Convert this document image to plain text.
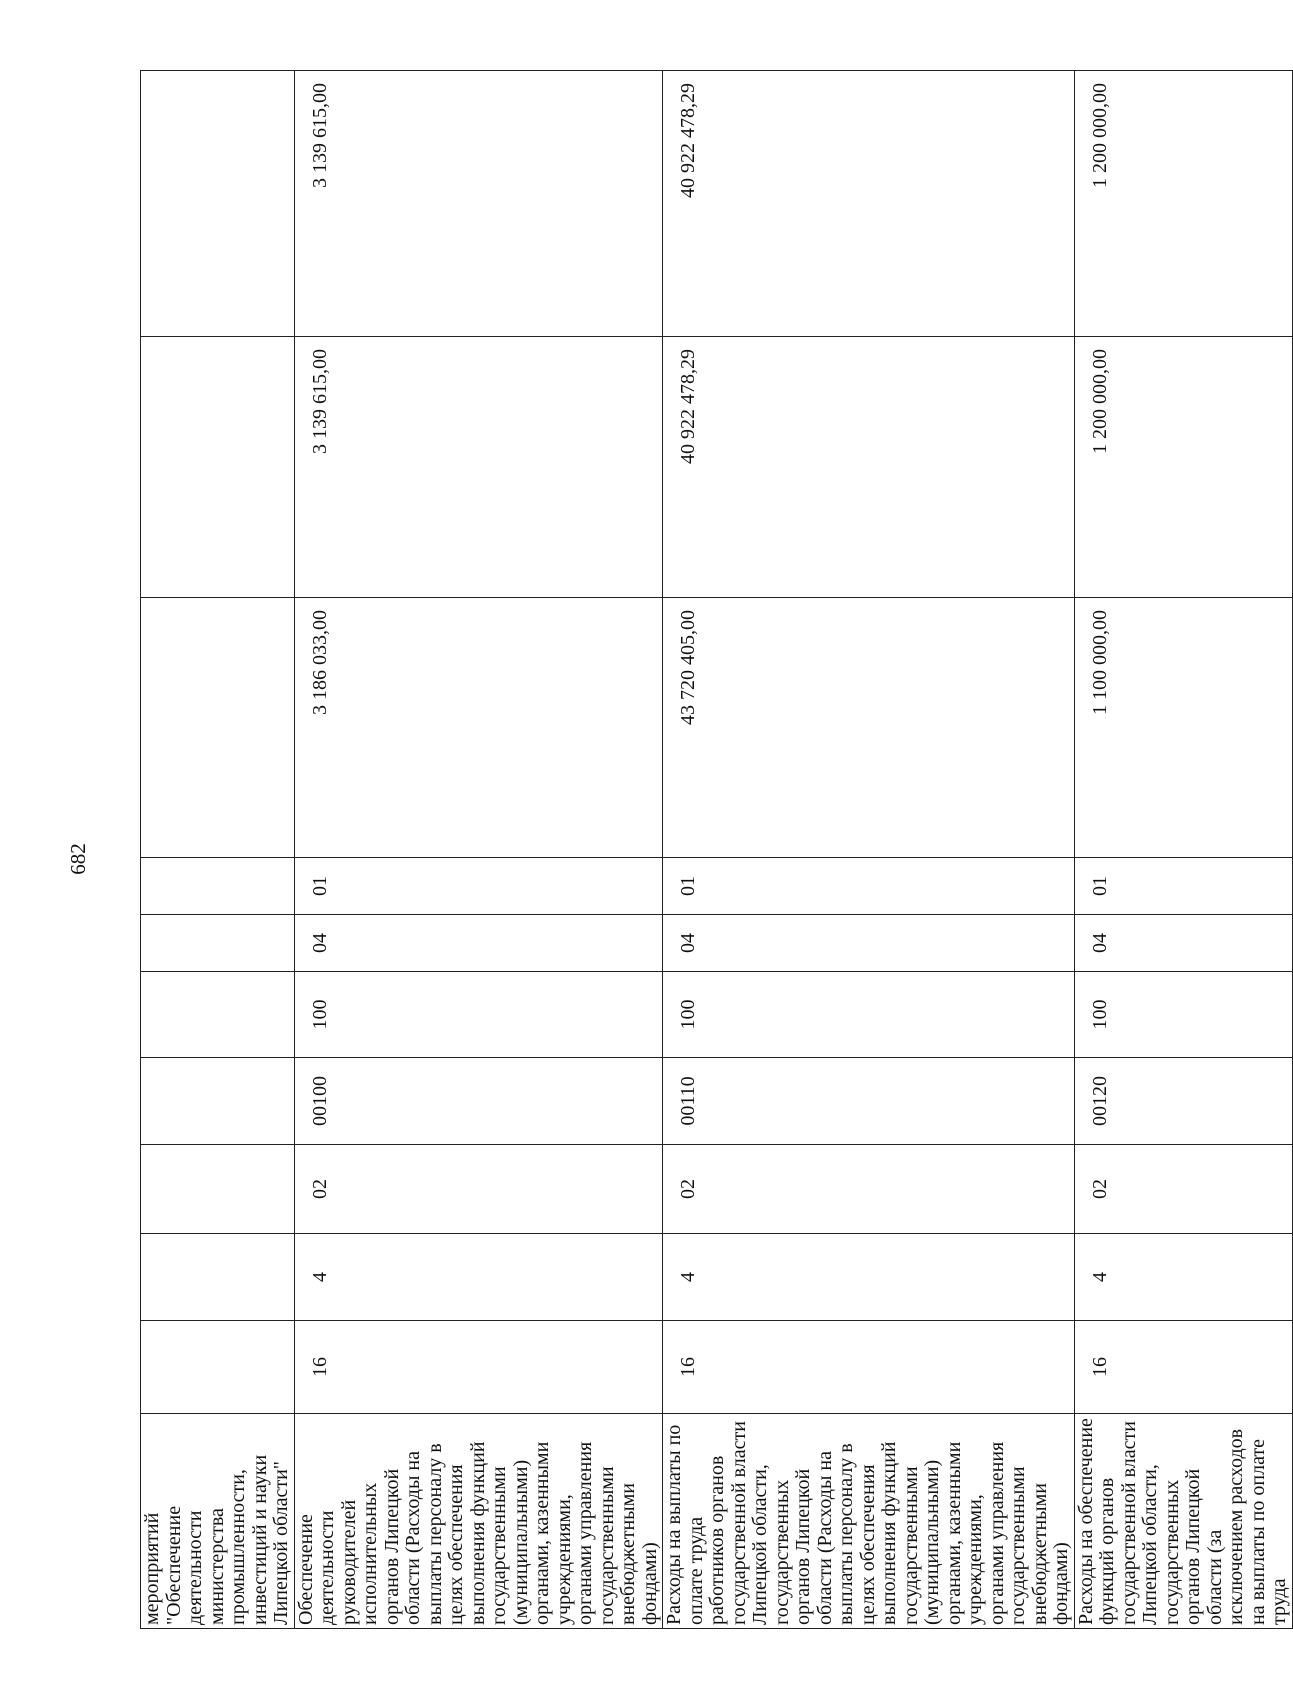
682
мероприятий "Обеспечение деятельности министерства промышленности, инвестиций и науки Липецкой области"										
Обеспечение деятельности руководителей исполнительных органов Липецкой области (Расходы на выплаты персоналу в целях обеспечения выполнения функций государственными (муниципальными) органами, казенными учреждениями, органами управления государственными внебюджетными фондами)	16	4	02	00100	100	04	01	3 186 033,00	3 139 615,00	3 139 615,00
Расходы на выплаты по оплате труда работников органов государственной власти Липецкой области, государственных органов Липецкой области (Расходы на выплаты персоналу в целях обеспечения выполнения функций государственными (муниципальными) органами, казенными учреждениями, органами управления государственными внебюджетными фондами)	16	4	02	00110	100	04	01	43 720 405,00	40 922 478,29	40 922 478,29
Расходы на обеспечение функций органов государственной власти Липецкой области, государственных органов Липецкой области (за исключением расходов на выплаты по оплате труда	16	4	02	00120	100	04	01	1 100 000,00	1 200 000,00	1 200 000,00
